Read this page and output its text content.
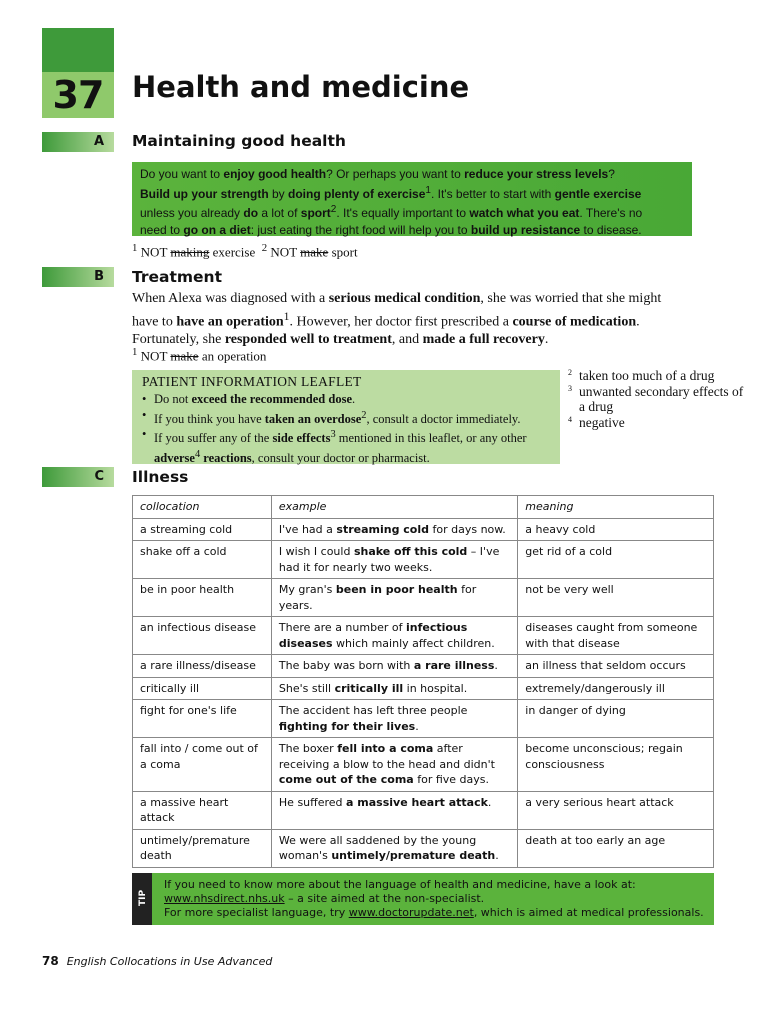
37 Health and medicine
A Maintaining good health
Do you want to enjoy good health? Or perhaps you want to reduce your stress levels?
Build up your strength by doing plenty of exercise$^1$. It's better to start with gentle exercise
unless you already do a lot of sport$^2$. It's equally important to watch what you eat. There's no
need to go on a diet: just eating the right food will help you to build up resistance to disease.
$^1$ NOT making exercise $^2$ NOT make sport
B Treatment
When Alexa was diagnosed with a serious medical condition, she was worried that she might have to have an operation$^1$. However, her doctor first prescribed a course of medication. Fortunately, she responded well to treatment, and made a full recovery.
$^1$ NOT make an operation
PATIENT INFORMATION LEAFLET
• Do not exceed the recommended dose.
• If you think you have taken an overdose$^2$, consult a doctor immediately.
• If you suffer any of the side effects$^3$ mentioned in this leaflet, or any other adverse$^4$ reactions, consult your doctor or pharmacist.
2 taken too much of a drug
3 unwanted secondary effects of a drug
4 negative
C Illness
collocation	example	meaning
a streaming cold	I've had a streaming cold for days now.	a heavy cold
shake off a cold	I wish I could shake off this cold – I've had it for nearly two weeks.	get rid of a cold
be in poor health	My gran's been in poor health for years.	not be very well
an infectious disease	There are a number of infectious diseases which mainly affect children.	diseases caught from someone with that disease
a rare illness/disease	The baby was born with a rare illness.	an illness that seldom occurs
critically ill	She's still critically ill in hospital.	extremely/dangerously ill
fight for one's life	The accident has left three people fighting for their lives.	in danger of dying
fall into / come out of a coma	The boxer fell into a coma after receiving a blow to the head and didn't come out of the coma for five days.	become unconscious; regain consciousness
a massive heart attack	He suffered a massive heart attack.	a very serious heart attack
untimely/premature death	We were all saddened by the young woman's untimely/premature death.	death at too early an age
TIP
If you need to know more about the language of health and medicine, have a look at:
www.nhsdirect.nhs.uk – a site aimed at the non-specialist.
For more specialist language, try www.doctorupdate.net, which is aimed at medical professionals.
78 English Collocations in Use Advanced
